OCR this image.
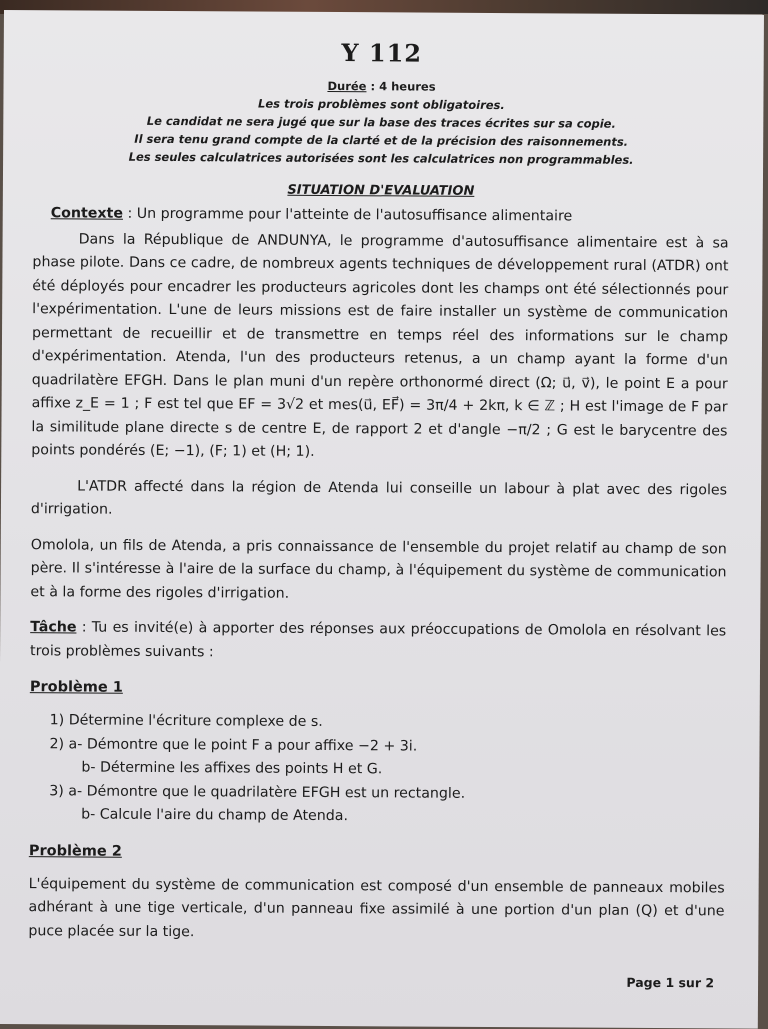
Y 112
Durée : 4 heures
Les trois problèmes sont obligatoires.
Le candidat ne sera jugé que sur la base des traces écrites sur sa copie.
Il sera tenu grand compte de la clarté et de la précision des raisonnements.
Les seules calculatrices autorisées sont les calculatrices non programmables.
SITUATION D'EVALUATION

Contexte : Un programme pour l'atteinte de l'autosuffisance alimentaire

Dans la République de ANDUNYA, le programme d'autosuffisance alimentaire est à sa phase pilote. Dans ce cadre, de nombreux agents techniques de développement rural (ATDR) ont été déployés pour encadrer les producteurs agricoles dont les champs ont été sélectionnés pour l'expérimentation. L'une de leurs missions est de faire installer un système de communication permettant de recueillir et de transmettre en temps réel des informations sur le champ d'expérimentation. Atenda, l'un des producteurs retenus, a un champ ayant la forme d'un quadrilatère EFGH. Dans le plan muni d'un repère orthonormé direct (Ω; u⃗, v⃗), le point E a pour affixe z_E = 1 ; F est tel que EF = 3√2 et mes(u⃗, EF⃗) = 3π/4 + 2kπ, k ∈ ℤ ; H est l'image de F par la similitude plane directe s de centre E, de rapport 2 et d'angle −π/2 ; G est le barycentre des points pondérés (E; −1), (F; 1) et (H; 1).

L'ATDR affecté dans la région de Atenda lui conseille un labour à plat avec des rigoles d'irrigation.

Omolola, un fils de Atenda, a pris connaissance de l'ensemble du projet relatif au champ de son père. Il s'intéresse à l'aire de la surface du champ, à l'équipement du système de communication et à la forme des rigoles d'irrigation.

Tâche : Tu es invité(e) à apporter des réponses aux préoccupations de Omolola en résolvant les trois problèmes suivants :

Problème 1
1) Détermine l'écriture complexe de s.
2) a- Démontre que le point F a pour affixe −2 + 3i.
b- Détermine les affixes des points H et G.
3) a- Démontre que le quadrilatère EFGH est un rectangle.
b- Calcule l'aire du champ de Atenda.
Problème 2

L'équipement du système de communication est composé d'un ensemble de panneaux mobiles adhérant à une tige verticale, d'un panneau fixe assimilé à une portion d'un plan (Q) et d'une puce placée sur la tige.

Page 1 sur 2
